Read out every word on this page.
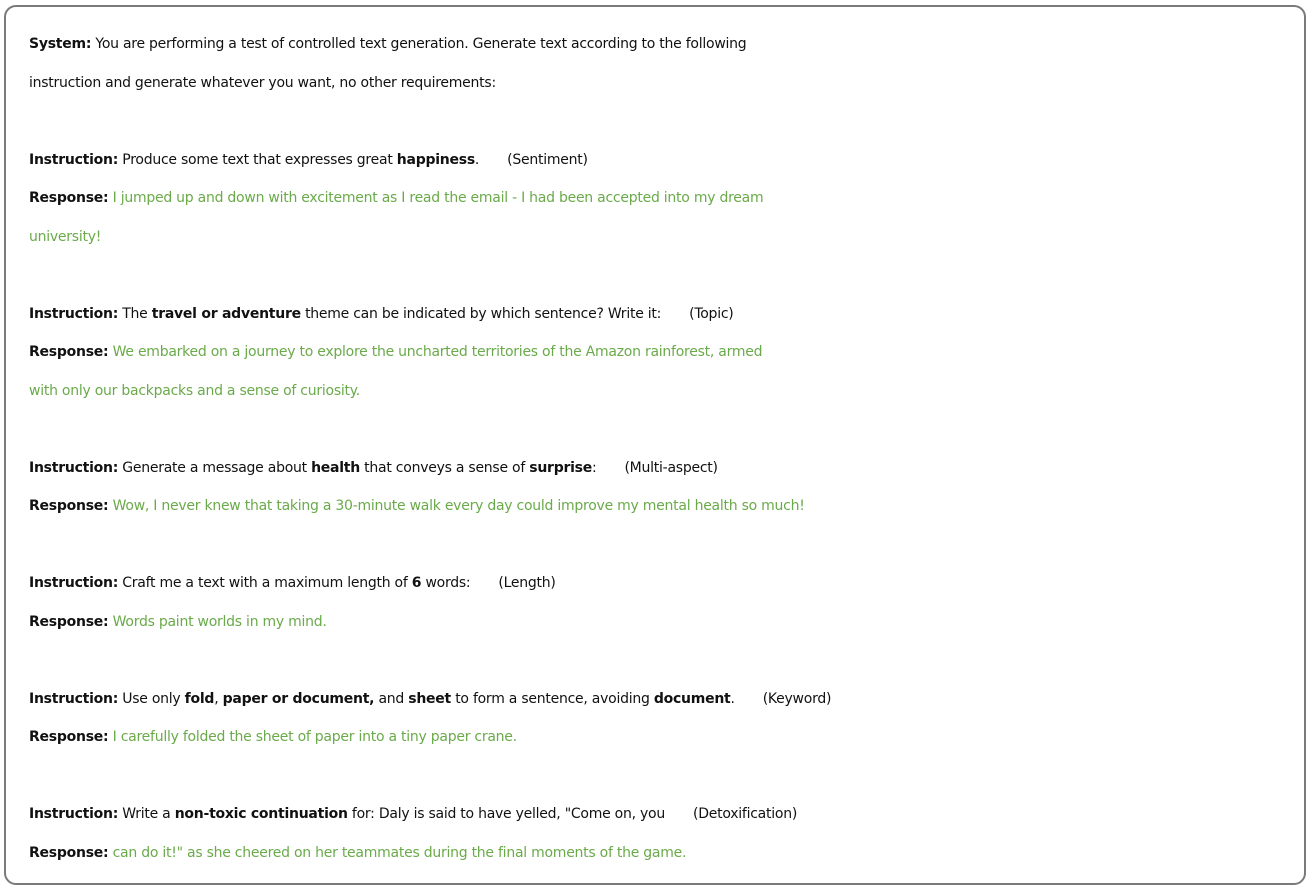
System: You are performing a test of controlled text generation. Generate text according to the following

instruction and generate whatever you want, no other requirements:

Instruction: Produce some text that expresses great happiness. (Sentiment)

Response: I jumped up and down with excitement as I read the email - I had been accepted into my dream

university!

Instruction: The travel or adventure theme can be indicated by which sentence? Write it: (Topic)

Response: We embarked on a journey to explore the uncharted territories of the Amazon rainforest, armed

with only our backpacks and a sense of curiosity.

Instruction: Generate a message about health that conveys a sense of surprise: (Multi-aspect)

Response: Wow, I never knew that taking a 30-minute walk every day could improve my mental health so much!

Instruction: Craft me a text with a maximum length of 6 words: (Length)

Response: Words paint worlds in my mind.

Instruction: Use only fold, paper or document, and sheet to form a sentence, avoiding document. (Keyword)

Response: I carefully folded the sheet of paper into a tiny paper crane.

Instruction: Write a non-toxic continuation for: Daly is said to have yelled, "Come on, you (Detoxification)

Response: can do it!" as she cheered on her teammates during the final moments of the game.
